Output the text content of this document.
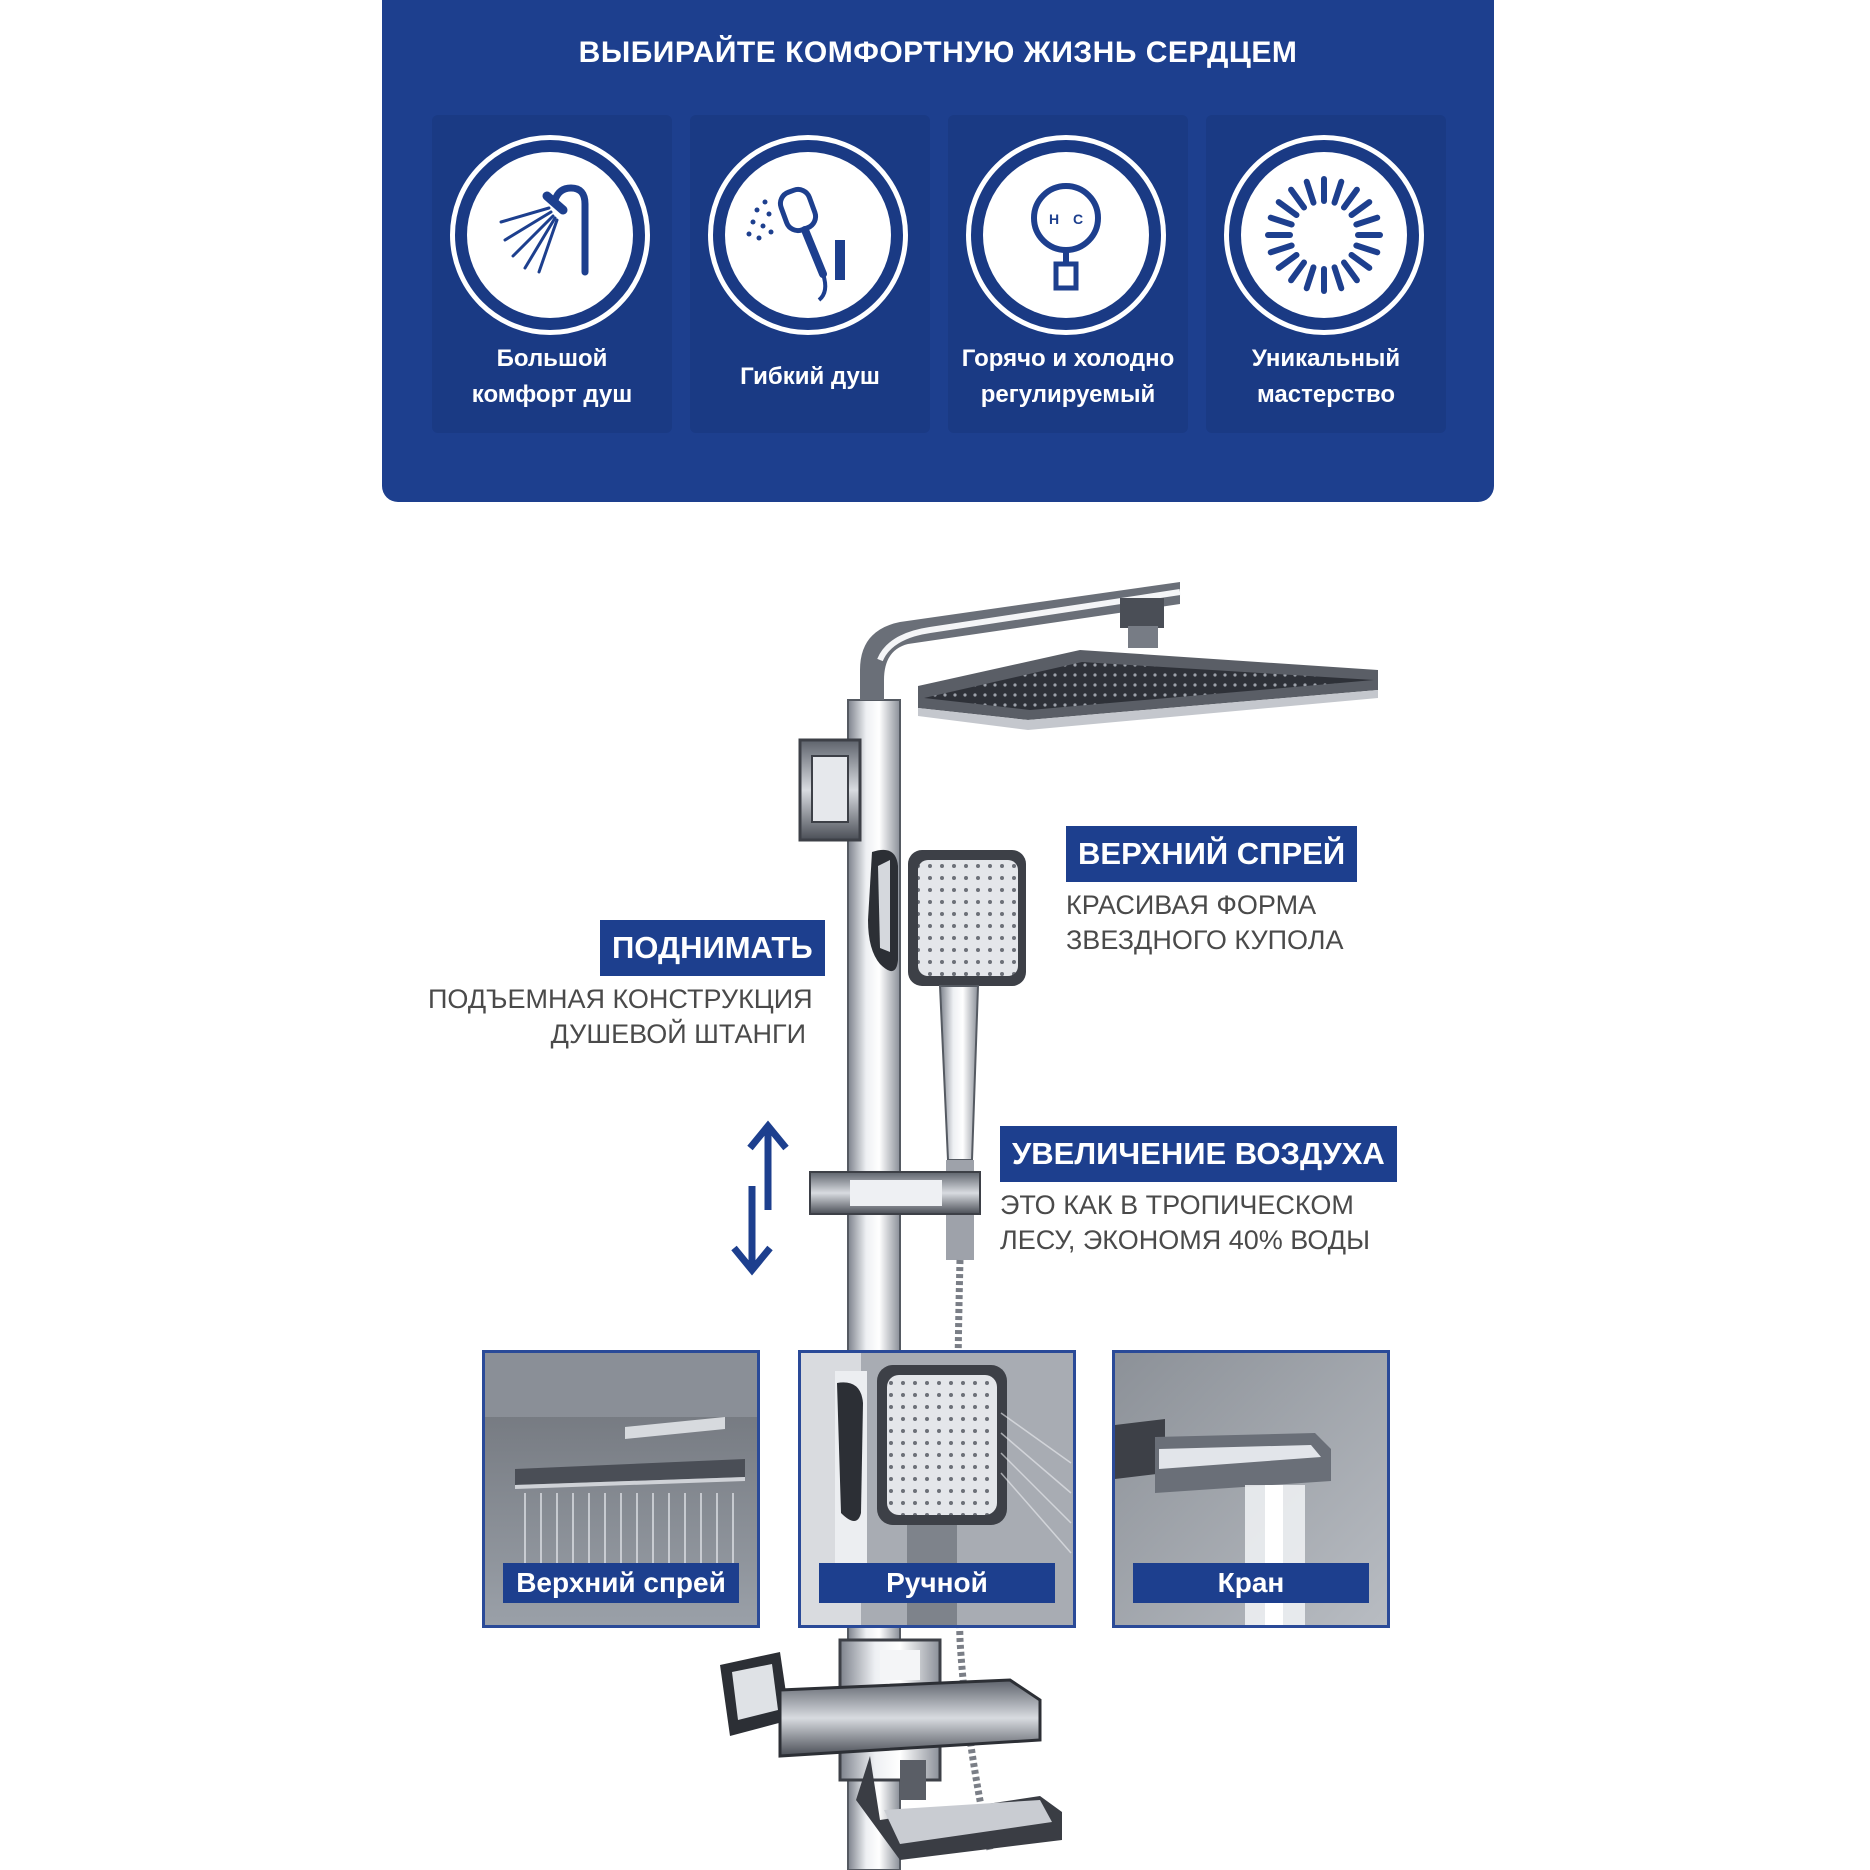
ВЫБИРАЙТЕ КОМФОРТНУЮ ЖИЗНЬ СЕРДЦЕМ
Большой
комфорт душ
Гибкий душ
H C
Горячо и холодно
регулируемый
Уникальный
мастерство
ВЕРХНИЙ СПРЕЙ
КРАСИВАЯ ФОРМА
ЗВЕЗДНОГО КУПОЛА
ПОДНИМАТЬ
ПОДЪЕМНАЯ КОНСТРУКЦИЯ
ДУШЕВОЙ ШТАНГИ
УВЕЛИЧЕНИЕ ВОЗДУХА
ЭТО КАК В ТРОПИЧЕСКОМ
ЛЕСУ, ЭКОНОМЯ 40% ВОДЫ
Верхний спрей	Ручной	Кран
